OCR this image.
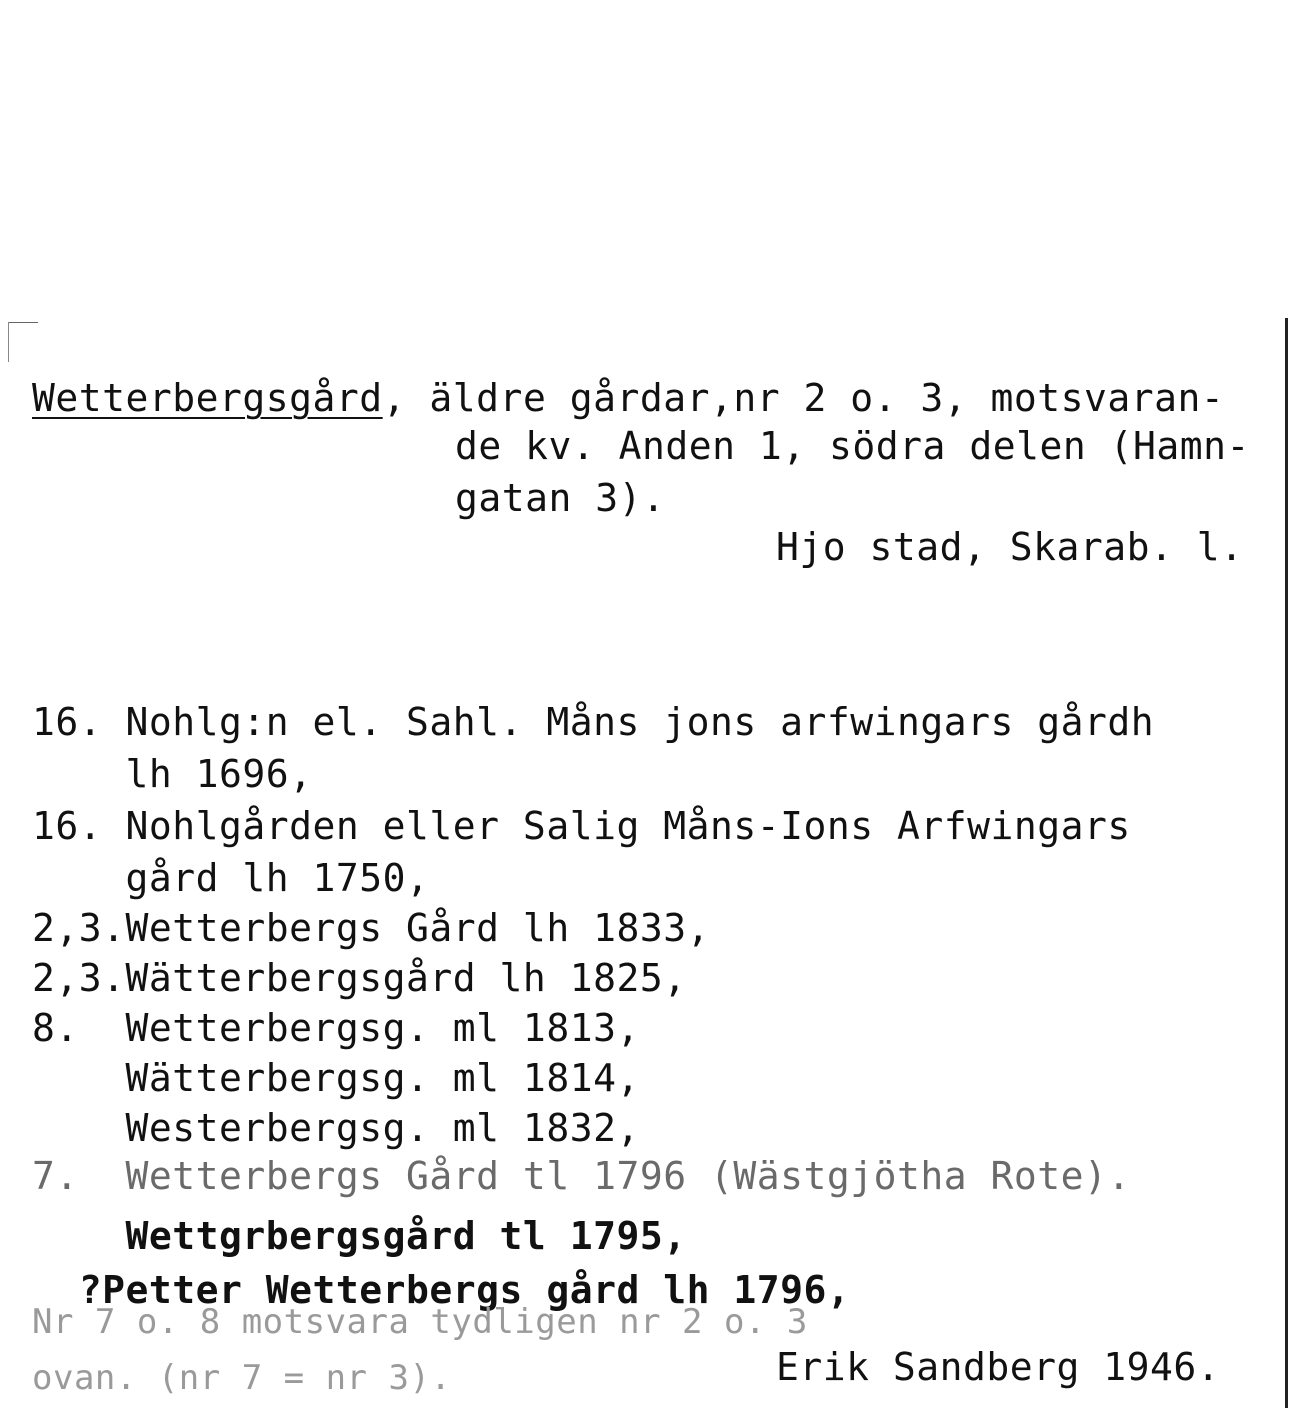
Wetterbergsgård, äldre gårdar,nr 2 o. 3, motsvaran-
de kv. Anden 1, södra delen (Hamn-
gatan 3).
Hjo stad, Skarab. l.
16. Nohlg:n el. Sahl. Måns jons arfwingars gårdh
lh 1696,
16. Nohlgården eller Salig Måns-Ions Arfwingars
gård lh 1750,
2,3.Wetterbergs Gård lh 1833,
2,3.Wätterbergsgård lh 1825,
8.  Wetterbergsg. ml 1813,
Wätterbergsg. ml 1814,
Westerbergsg. ml 1832,
7.  Wetterbergs Gård tl 1796 (Wästgjötha Rote).
Wettgrbergsgård tl 1795,
?Petter Wetterbergs gård lh 1796,
Nr 7 o. 8 motsvara tydligen nr 2 o. 3
ovan. (nr 7 = nr 3).	Erik Sandberg 1946.
